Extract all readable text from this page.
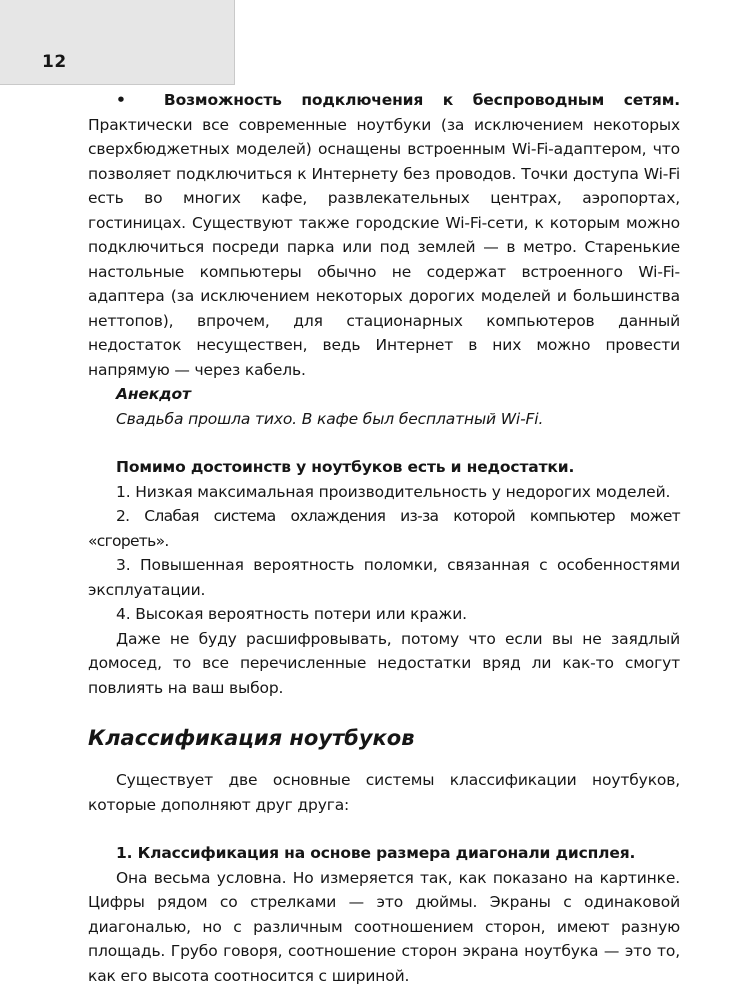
12

• Возможность подключения к беспроводным сетям. Практически все современные ноутбуки (за исключением некоторых сверхбюджетных моделей) оснащены встроенным Wi-Fi-адаптером, что позволяет подключиться к Интернету без проводов. Точки доступа Wi-Fi есть во многих кафе, развлекательных центрах, аэропортах, гостиницах. Существуют также городские Wi-Fi-сети, к которым можно подключиться посреди парка или под землей — в метро. Старенькие настольные компьютеры обычно не содержат встроенного Wi-Fi-адаптера (за исключением некоторых дорогих моделей и большинства неттопов), впрочем, для стационарных компьютеров данный недостаток несуществен, ведь Интернет в них можно провести напрямую — через кабель.

Анекдот

Свадьба прошла тихо. В кафе был бесплатный Wi-Fi.

Помимо достоинств у ноутбуков есть и недостатки.

1. Низкая максимальная производительность у недорогих моделей.

2. Слабая система охлаждения из-за которой компьютер может «сгореть».

3. Повышенная вероятность поломки, связанная с особенностями эксплуатации.

4. Высокая вероятность потери или кражи.

Даже не буду расшифровывать, потому что если вы не заядлый домосед, то все перечисленные недостатки вряд ли как-то смогут повлиять на ваш выбор.

Классификация ноутбуков

Существует две основные системы классификации ноутбуков, которые дополняют друг друга:

1. Классификация на основе размера диагонали дисплея.

Она весьма условна. Но измеряется так, как показано на картинке. Цифры рядом со стрелками — это дюймы. Экраны с одинаковой диагональю, но с различным соотношением сторон, имеют разную площадь. Грубо говоря, соотношение сторон экрана ноутбука — это то, как его высота соотносится с шириной.
